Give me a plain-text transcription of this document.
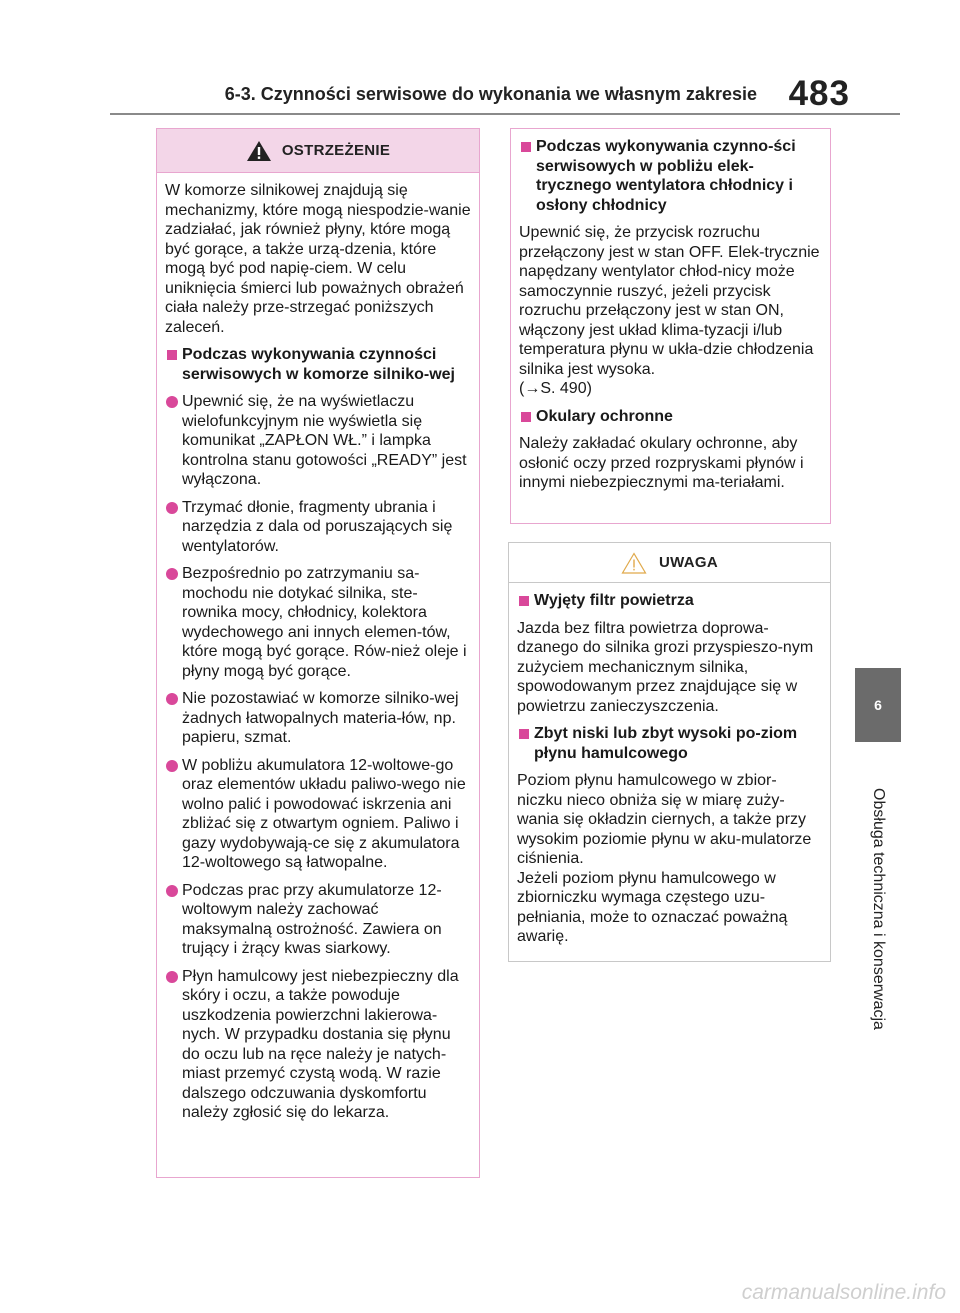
6-3. Czynności serwisowe do wykonania we własnym zakresie 483
6
Obsługa techniczna i konserwacja
OSTRZEŻENIE

W komorze silnikowej znajdują się mechanizmy, które mogą niespodzie-wanie zadziałać, jak również płyny, które mogą być gorące, a także urzą-dzenia, które mogą być pod napię-ciem. W celu uniknięcia śmierci lub poważnych obrażeń ciała należy prze-strzegać poniższych zaleceń.

Podczas wykonywania czynności serwisowych w komorze silniko-wej
Upewnić się, że na wyświetlaczu wielofunkcyjnym nie wyświetla się komunikat „ZAPŁON WŁ.” i lampka kontrolna stanu gotowości „READY” jest wyłączona.
Trzymać dłonie, fragmenty ubrania i narzędzia z dala od poruszających się wentylatorów.
Bezpośrednio po zatrzymaniu sa-mochodu nie dotykać silnika, ste-rownika mocy, chłodnicy, kolektora wydechowego ani innych elemen-tów, które mogą być gorące. Rów-nież oleje i płyny mogą być gorące.
Nie pozostawiać w komorze silniko-wej żadnych łatwopalnych materia-łów, np. papieru, szmat.
W pobliżu akumulatora 12-woltowe-go oraz elementów układu paliwo-wego nie wolno palić i powodować iskrzenia ani zbliżać się z otwartym ogniem. Paliwo i gazy wydobywają-ce się z akumulatora 12-woltowego są łatwopalne.
Podczas prac przy akumulatorze 12-woltowym należy zachować maksymalną ostrożność. Zawiera on trujący i żrący kwas siarkowy.
Płyn hamulcowy jest niebezpieczny dla skóry i oczu, a także powoduje uszkodzenia powierzchni lakierowa-nych. W przypadku dostania się płynu do oczu lub na ręce należy je natych-miast przemyć czystą wodą. W razie dalszego odczuwania dyskomfortu należy zgłosić się do lekarza.
Podczas wykonywania czynno-ści serwisowych w pobliżu elek-trycznego wentylatora chłodnicy i osłony chłodnicy

Upewnić się, że przycisk rozruchu przełączony jest w stan OFF. Elek-trycznie napędzany wentylator chłod-nicy może samoczynnie ruszyć, jeżeli przycisk rozruchu przełączony jest w stan ON, włączony jest układ klima-tyzacji i/lub temperatura płynu w ukła-dzie chłodzenia silnika jest wysoka.
(→S. 490)

Okulary ochronne

Należy zakładać okulary ochronne, aby osłonić oczy przed rozpryskami płynów i innymi niebezpiecznymi ma-teriałami.

UWAGA
Wyjęty filtr powietrza

Jazda bez filtra powietrza doprowa-dzanego do silnika grozi przyspieszo-nym zużyciem mechanicznym silnika, spowodowanym przez znajdujące się w powietrzu zanieczyszczenia.

Zbyt niski lub zbyt wysoki po-ziom płynu hamulcowego

Poziom płynu hamulcowego w zbior-niczku nieco obniża się w miarę zuży-wania się okładzin ciernych, a także przy wysokim poziomie płynu w aku-mulatorze ciśnienia.
Jeżeli poziom płynu hamulcowego w zbiorniczku wymaga częstego uzu-pełniania, może to oznaczać poważną awarię.

carmanualsonline.info
